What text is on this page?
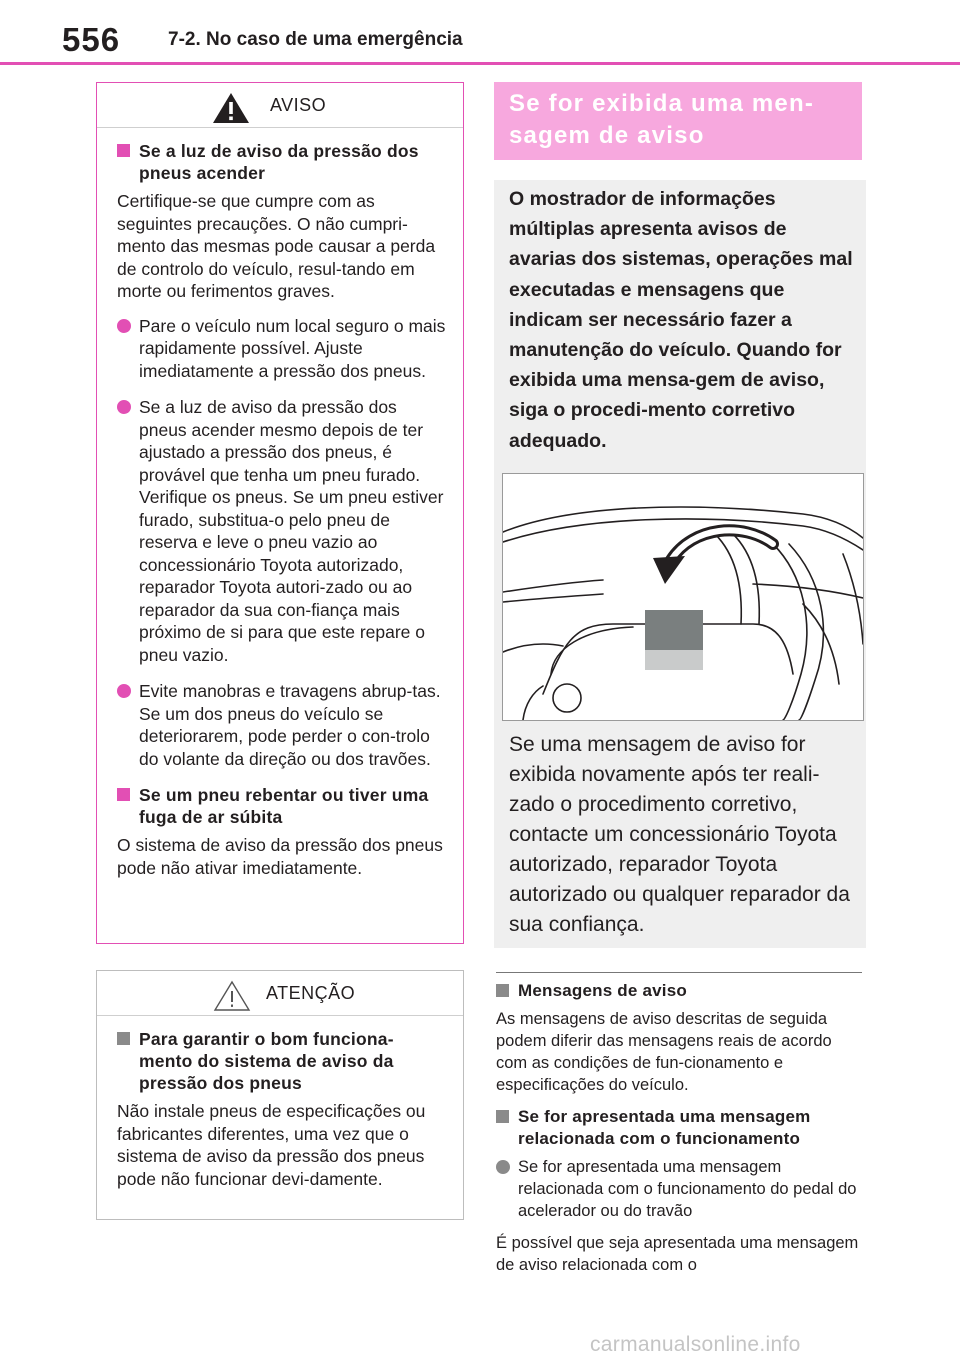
556	7-2. No caso de uma emergência
AVISO
Se a luz de aviso da pressão dos pneus acender
Certifique-se que cumpre com as seguintes precauções. O não cumpri-mento das mesmas pode causar a perda de controlo do veículo, resul-tando em morte ou ferimentos graves.
Pare o veículo num local seguro o mais rapidamente possível. Ajuste imediatamente a pressão dos pneus.
Se a luz de aviso da pressão dos pneus acender mesmo depois de ter ajustado a pressão dos pneus, é provável que tenha um pneu furado. Verifique os pneus. Se um pneu estiver furado, substitua-o pelo pneu de reserva e leve o pneu vazio ao concessionário Toyota autorizado, reparador Toyota autori-zado ou ao reparador da sua con-fiança mais próximo de si para que este repare o pneu vazio.
Evite manobras e travagens abrup-tas. Se um dos pneus do veículo se deteriorarem, pode perder o con-trolo do volante da direção ou dos travões.
Se um pneu rebentar ou tiver uma fuga de ar súbita
O sistema de aviso da pressão dos pneus pode não ativar imediatamente.
ATENÇÃO
Para garantir o bom funciona-mento do sistema de aviso da pressão dos pneus
Não instale pneus de especificações ou fabricantes diferentes, uma vez que o sistema de aviso da pressão dos pneus pode não funcionar devi-damente.
Se for exibida uma men-sagem de aviso
O mostrador de informações múltiplas apresenta avisos de avarias dos sistemas, operações mal executadas e mensagens que indicam ser necessário fazer a manutenção do veículo. Quando for exibida uma mensa-gem de aviso, siga o procedi-mento corretivo adequado.
Se uma mensagem de aviso for exibida novamente após ter reali-zado o procedimento corretivo, contacte um concessionário Toyota autorizado, reparador Toyota autorizado ou qualquer reparador da sua confiança.
Mensagens de aviso
As mensagens de aviso descritas de seguida podem diferir das mensagens reais de acordo com as condições de fun-cionamento e especificações do veículo.
Se for apresentada uma mensagem relacionada com o funcionamento
Se for apresentada uma mensagem relacionada com o funcionamento do pedal do acelerador ou do travão
É possível que seja apresentada uma mensagem de aviso relacionada com o
carmanualsonline.info
